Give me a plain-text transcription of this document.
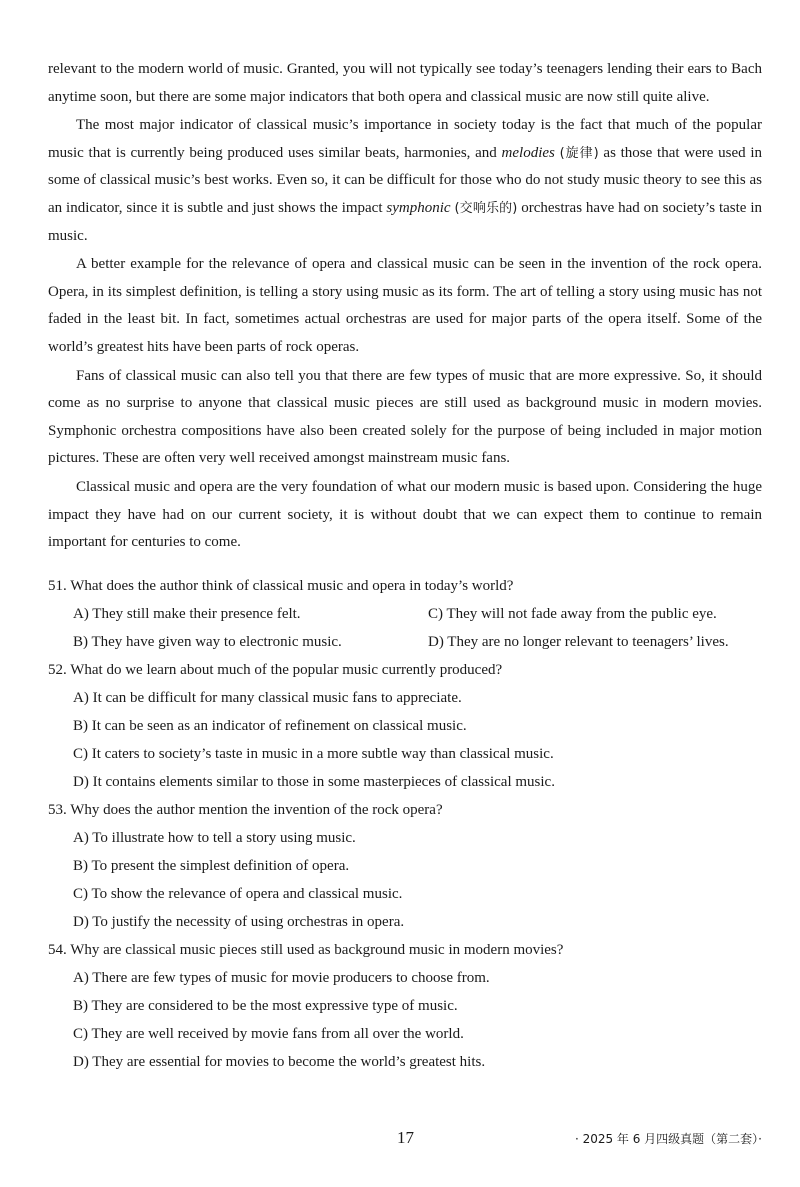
relevant to the modern world of music. Granted, you will not typically see today’s teenagers lending their ears to Bach anytime soon, but there are some major indicators that both opera and classical music are now still quite alive.

The most major indicator of classical music’s importance in society today is the fact that much of the popular music that is currently being produced uses similar beats, harmonies, and melodies (旋律) as those that were used in some of classical music’s best works. Even so, it can be difficult for those who do not study music theory to see this as an indicator, since it is subtle and just shows the impact symphonic (交响乐的) orchestras have had on society’s taste in music.

A better example for the relevance of opera and classical music can be seen in the invention of the rock opera. Opera, in its simplest definition, is telling a story using music as its form. The art of telling a story using music has not faded in the least bit. In fact, sometimes actual orchestras are used for major parts of the opera itself. Some of the world’s greatest hits have been parts of rock operas.

Fans of classical music can also tell you that there are few types of music that are more expressive. So, it should come as no surprise to anyone that classical music pieces are still used as background music in modern movies. Symphonic orchestra compositions have also been created solely for the purpose of being included in major motion pictures. These are often very well received amongst mainstream music fans.

Classical music and opera are the very foundation of what our modern music is based upon. Considering the huge impact they have had on our current society, it is without doubt that we can expect them to continue to remain important for centuries to come.

51. What does the author think of classical music and opera in today’s world?
A) They still make their presence felt.	C) They will not fade away from the public eye.
B) They have given way to electronic music.	D) They are no longer relevant to teenagers’ lives.
52. What do we learn about much of the popular music currently produced?
A) It can be difficult for many classical music fans to appreciate.
B) It can be seen as an indicator of refinement on classical music.
C) It caters to society’s taste in music in a more subtle way than classical music.
D) It contains elements similar to those in some masterpieces of classical music.
53. Why does the author mention the invention of the rock opera?
A) To illustrate how to tell a story using music.
B) To present the simplest definition of opera.
C) To show the relevance of opera and classical music.
D) To justify the necessity of using orchestras in opera.
54. Why are classical music pieces still used as background music in modern movies?
A) There are few types of music for movie producers to choose from.
B) They are considered to be the most expressive type of music.
C) They are well received by movie fans from all over the world.
D) They are essential for movies to become the world’s greatest hits.
17	· 2025 年 6 月四级真题（第二套）·
